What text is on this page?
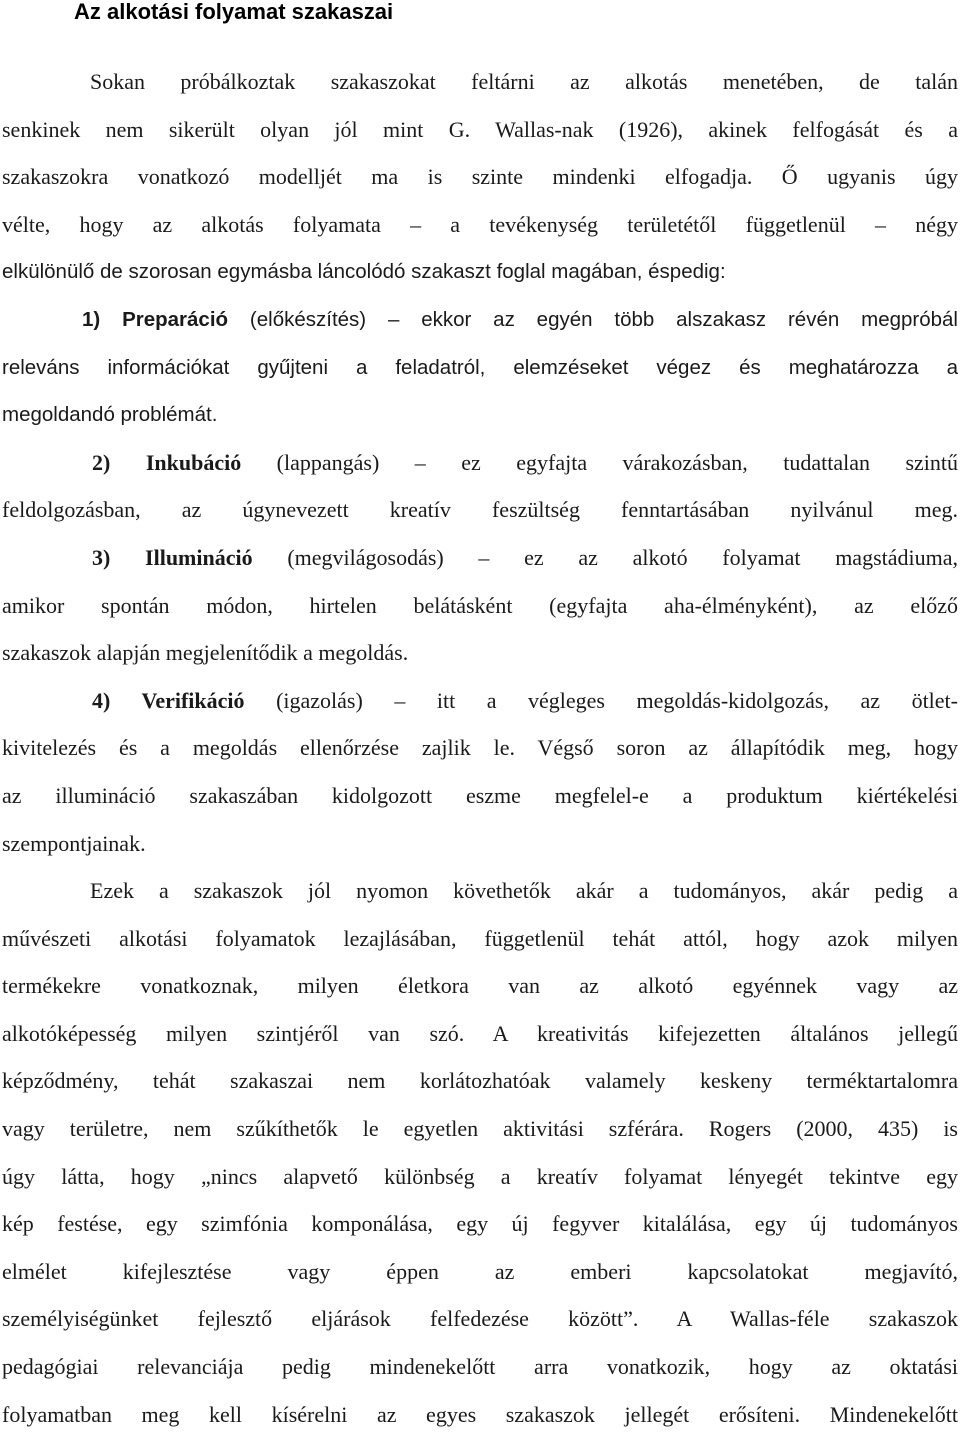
Az alkotási folyamat szakaszai
Sokan próbálkoztak szakaszokat feltárni az alkotás menetében, de talán
senkinek nem sikerült olyan jól mint G. Wallas-nak (1926), akinek felfogását és a
szakaszokra vonatkozó modelljét ma is szinte mindenki elfogadja. Ő ugyanis úgy
vélte, hogy az alkotás folyamata – a tevékenység területétől függetlenül – négy
elkülönülő de szorosan egymásba láncolódó szakaszt foglal magában, éspedig:
1) Preparáció (előkészítés) – ekkor az egyén több alszakasz révén megpróbál
releváns információkat gyűjteni a feladatról, elemzéseket végez és meghatározza a
megoldandó problémát.
2) Inkubáció (lappangás) – ez egyfajta várakozásban, tudattalan szintű
feldolgozásban, az úgynevezett kreatív feszültség fenntartásában nyilvánul meg.
3) Illumináció (megvilágosodás) – ez az alkotó folyamat magstádiuma,
amikor spontán módon, hirtelen belátásként (egyfajta aha-élményként), az előző
szakaszok alapján megjelenítődik a megoldás.
4) Verifikáció (igazolás) – itt a végleges megoldás-kidolgozás, az ötlet-
kivitelezés és a megoldás ellenőrzése zajlik le. Végső soron az állapítódik meg, hogy
az illumináció szakaszában kidolgozott eszme megfelel-e a produktum kiértékelési
szempontjainak.
Ezek a szakaszok jól nyomon követhetők akár a tudományos, akár pedig a
művészeti alkotási folyamatok lezajlásában, függetlenül tehát attól, hogy azok milyen
termékekre vonatkoznak, milyen életkora van az alkotó egyénnek vagy az
alkotóképesség milyen szintjéről van szó. A kreativitás kifejezetten általános jellegű
képződmény, tehát szakaszai nem korlátozhatóak valamely keskeny terméktartalomra
vagy területre, nem szűkíthetők le egyetlen aktivitási szférára. Rogers (2000, 435) is
úgy látta, hogy „nincs alapvető különbség a kreatív folyamat lényegét tekintve egy
kép festése, egy szimfónia komponálása, egy új fegyver kitalálása, egy új tudományos
elmélet kifejlesztése vagy éppen az emberi kapcsolatokat megjavító,
személyiségünket fejlesztő eljárások felfedezése között”. A Wallas-féle szakaszok
pedagógiai relevanciája pedig mindenekelőtt arra vonatkozik, hogy az oktatási
folyamatban meg kell kísérelni az egyes szakaszok jellegét erősíteni. Mindenekelőtt
